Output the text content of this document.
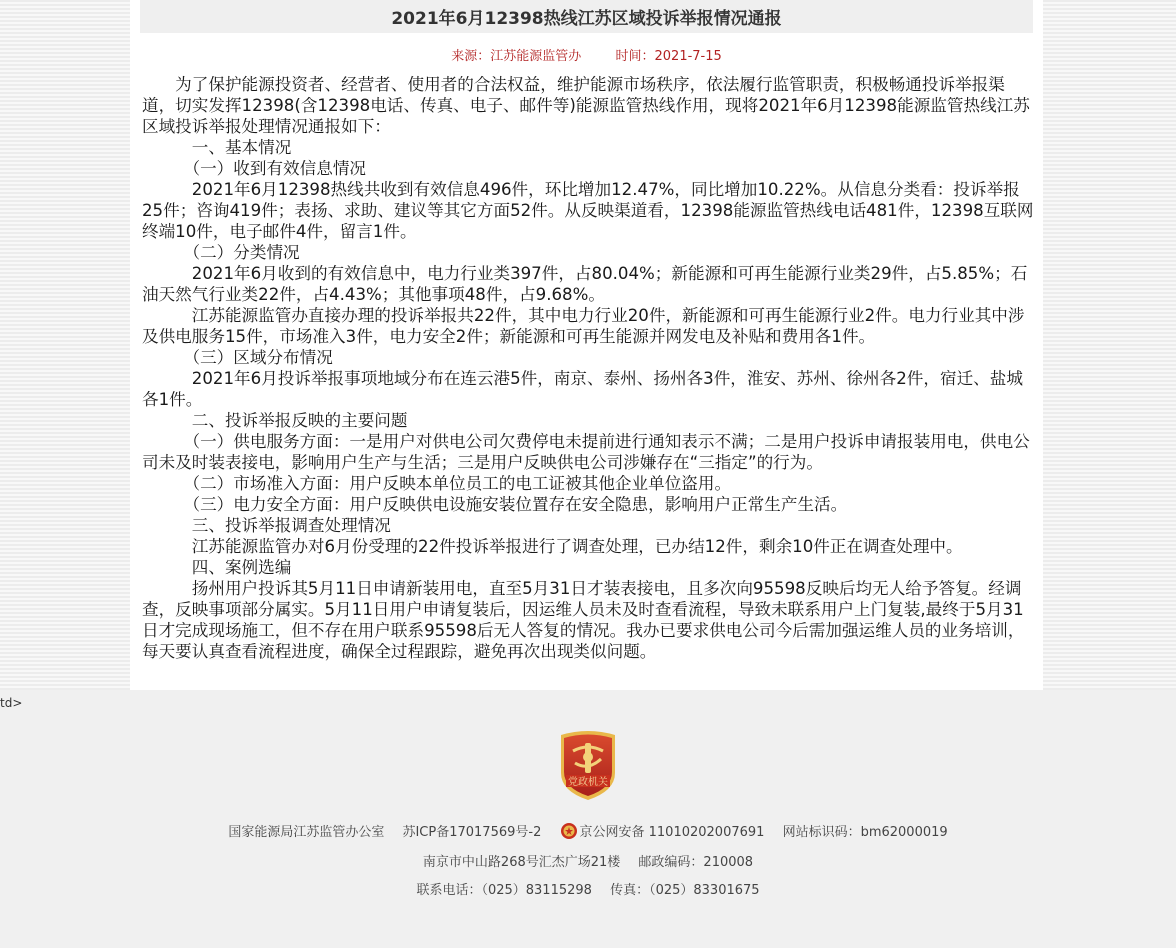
2021年6月12398热线江苏区域投诉举报情况通报
来源：江苏能源监管办	时间：2021-7-15

　　为了保护能源投资者、经营者、使用者的合法权益，维护能源市场秩序，依法履行监管职责，积极畅通投诉举报渠道，切实发挥12398(含12398电话、传真、电子、邮件等)能源监管热线作用，现将2021年6月12398能源监管热线江苏区域投诉举报处理情况通报如下：

　　　一、基本情况

　　　（一）收到有效信息情况

　　　2021年6月12398热线共收到有效信息496件，环比增加12.47%，同比增加10.22%。从信息分类看：投诉举报25件；咨询419件；表扬、求助、建议等其它方面52件。从反映渠道看，12398能源监管热线电话481件，12398互联网终端10件，电子邮件4件，留言1件。

　　　（二）分类情况

　　　2021年6月收到的有效信息中，电力行业类397件，占80.04%；新能源和可再生能源行业类29件，占5.85%；石油天然气行业类22件，占4.43%；其他事项48件，占9.68%。

　　　江苏能源监管办直接办理的投诉举报共22件，其中电力行业20件，新能源和可再生能源行业2件。电力行业其中涉及供电服务15件，市场准入3件，电力安全2件；新能源和可再生能源并网发电及补贴和费用各1件。

　　　（三）区域分布情况

　　　2021年6月投诉举报事项地域分布在连云港5件，南京、泰州、扬州各3件，淮安、苏州、徐州各2件，宿迁、盐城各1件。

　　　二、投诉举报反映的主要问题

　　　（一）供电服务方面：一是用户对供电公司欠费停电未提前进行通知表示不满；二是用户投诉申请报装用电，供电公司未及时装表接电，影响用户生产与生活；三是用户反映供电公司涉嫌存在“三指定”的行为。

　　　（二）市场准入方面：用户反映本单位员工的电工证被其他企业单位盗用。

　　　（三）电力安全方面：用户反映供电设施安装位置存在安全隐患，影响用户正常生产生活。

　　　三、投诉举报调查处理情况

　　　江苏能源监管办对6月份受理的22件投诉举报进行了调查处理，已办结12件，剩余10件正在调查处理中。

　　　四、案例选编

　　　扬州用户投诉其5月11日申请新装用电，直至5月31日才装表接电，且多次向95598反映后均无人给予答复。经调查，反映事项部分属实。5月11日用户申请复装后，因运维人员未及时查看流程，导致未联系用户上门复装,最终于5月31日才完成现场施工，但不存在用户联系95598后无人答复的情况。我办已要求供电公司今后需加强运维人员的业务培训，每天要认真查看流程进度，确保全过程跟踪，避免再次出现类似问题。

td>
党政机关
国家能源局江苏监管办公室 苏ICP备17017569号-2	京公网安备 11010202007691 网站标识码：bm62000019
南京市中山路268号汇杰广场21楼 邮政编码：210008
联系电话：（025）83115298 传真：（025）83301675
